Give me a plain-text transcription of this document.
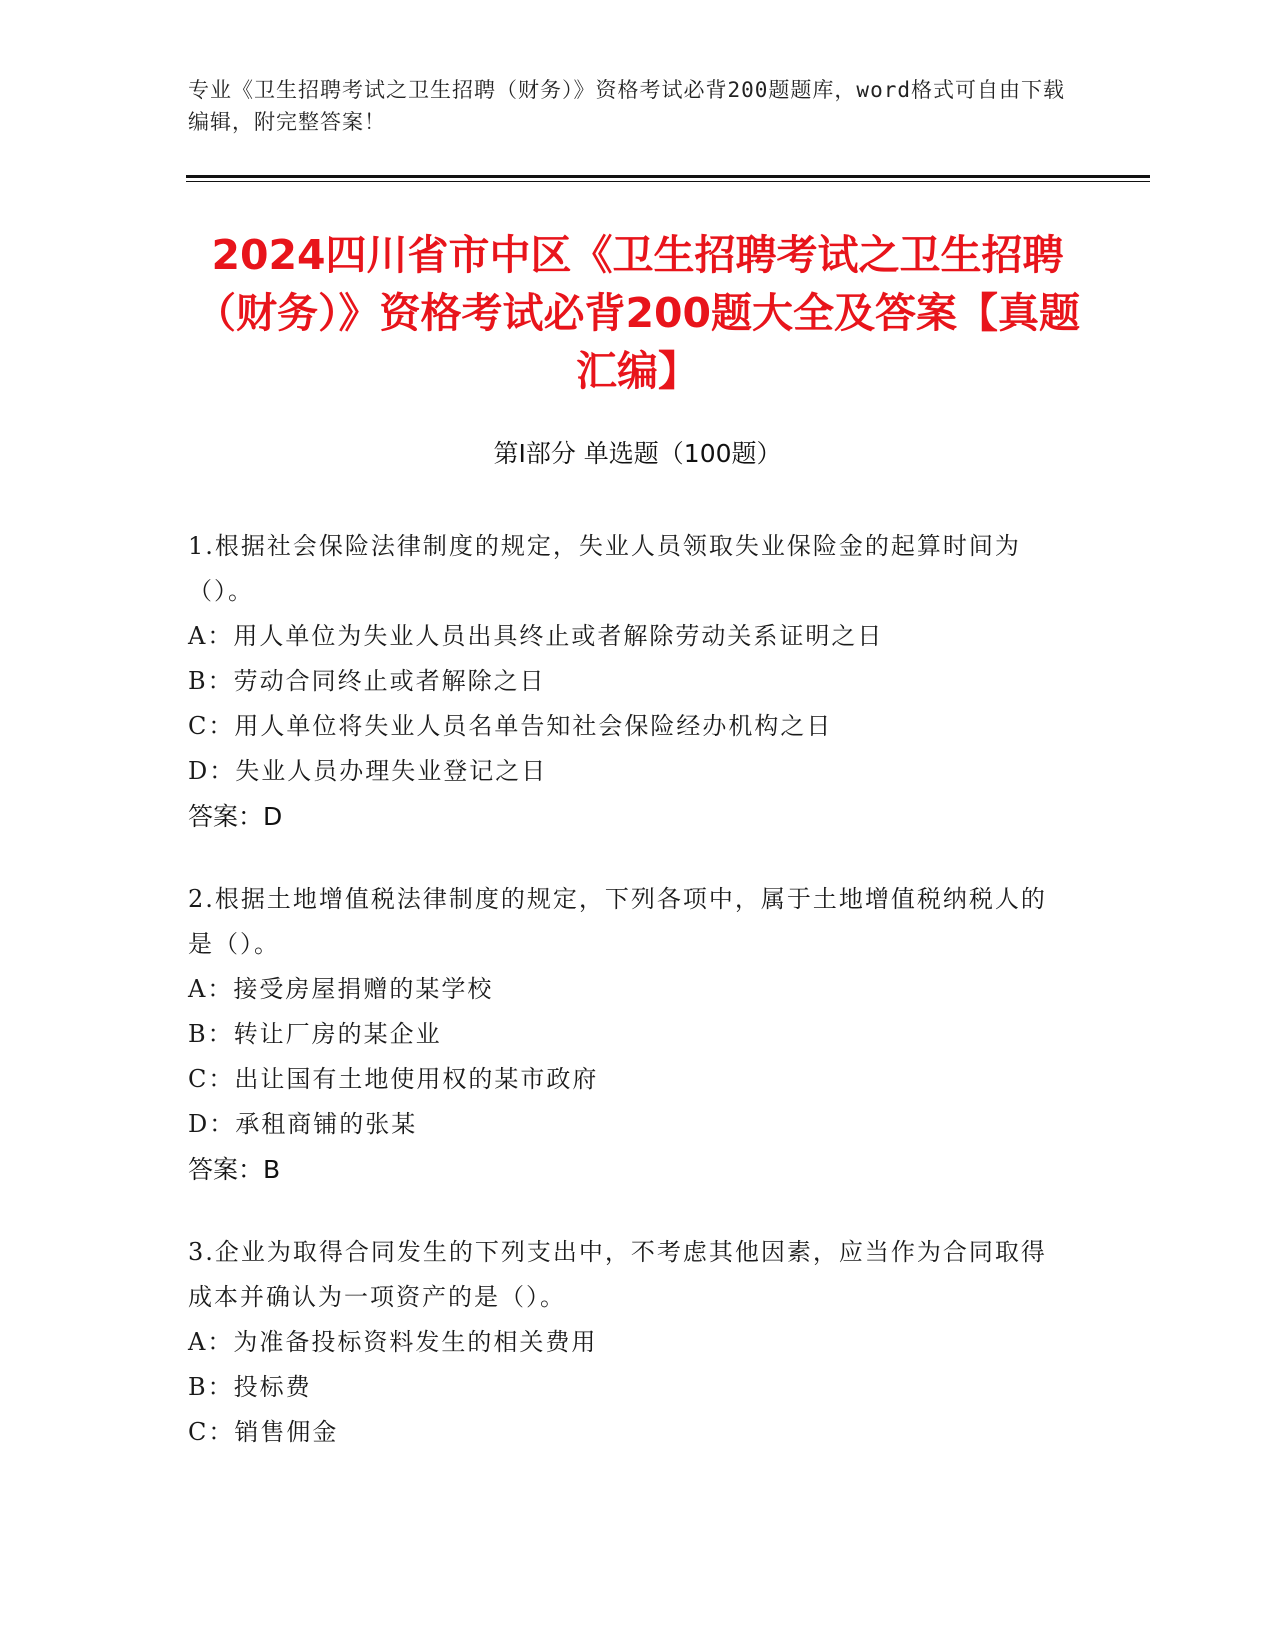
专业《卫生招聘考试之卫生招聘（财务）》资格考试必背200题题库，word格式可自由下载编辑，附完整答案！
2024四川省市中区《卫生招聘考试之卫生招聘（财务）》资格考试必背200题大全及答案【真题汇编】
第I部分 单选题（100题）
1.根据社会保险法律制度的规定，失业人员领取失业保险金的起算时间为（）。
A：用人单位为失业人员出具终止或者解除劳动关系证明之日
B：劳动合同终止或者解除之日
C：用人单位将失业人员名单告知社会保险经办机构之日
D：失业人员办理失业登记之日
答案：D
2.根据土地增值税法律制度的规定，下列各项中，属于土地增值税纳税人的是（）。
A：接受房屋捐赠的某学校
B：转让厂房的某企业
C：出让国有土地使用权的某市政府
D：承租商铺的张某
答案：B
3.企业为取得合同发生的下列支出中，不考虑其他因素，应当作为合同取得成本并确认为一项资产的是（）。
A：为准备投标资料发生的相关费用
B：投标费
C：销售佣金
